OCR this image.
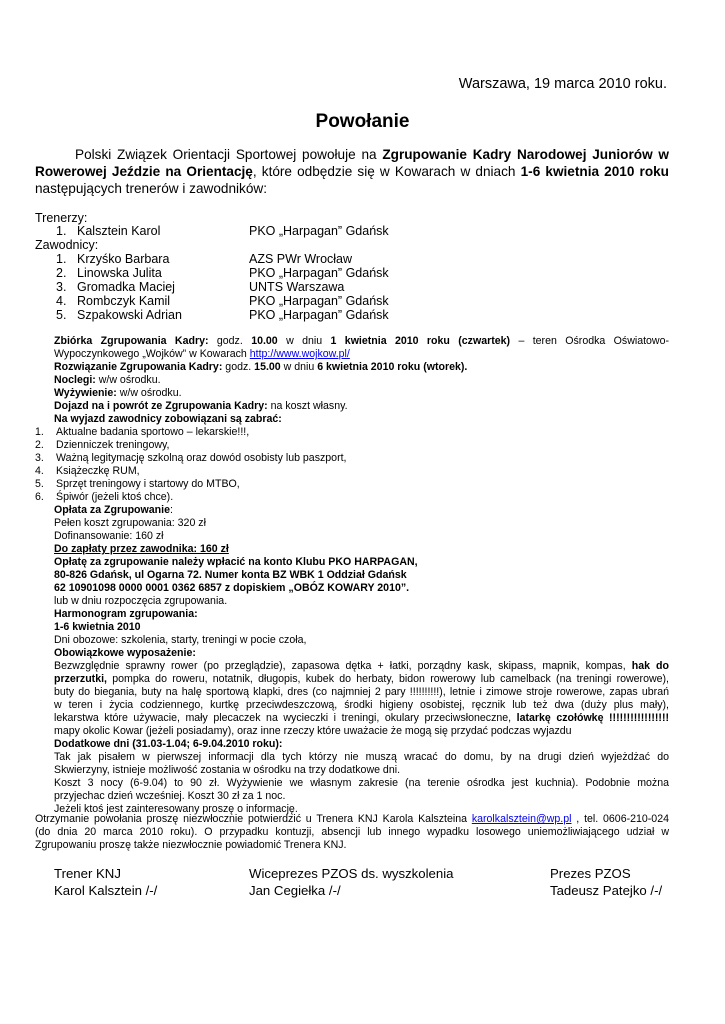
Warszawa, 19 marca 2010 roku.
Powołanie
Polski Związek Orientacji Sportowej powołuje na Zgrupowanie Kadry Narodowej Juniorów w
Rowerowej Jeździe na Orientację, które odbędzie się w Kowarach w dniach 1-6 kwietnia 2010 roku
następujących trenerów i zawodników:
Trenerzy:
1. Kalsztein Karol	PKO „Harpagan” Gdańsk
Zawodnicy:
1. Krzyśko Barbara	AZS PWr Wrocław
2. Linowska Julita	PKO „Harpagan” Gdańsk
3. Gromadka Maciej	UNTS Warszawa
4. Rombczyk Kamil	PKO „Harpagan” Gdańsk
5. Szpakowski Adrian	PKO „Harpagan” Gdańsk
Zbiórka Zgrupowania Kadry: godz. 10.00 w dniu 1 kwietnia 2010 roku (czwartek) – teren Ośrodka Oświatowo-
Wypoczynkowego „Wojków” w Kowarach http://www.wojkow.pl/
Rozwiązanie Zgrupowania Kadry: godz. 15.00 w dniu 6 kwietnia 2010 roku (wtorek).
Noclegi: w/w ośrodku.
Wyżywienie: w/w ośrodku.
Dojazd na i powrót ze Zgrupowania Kadry: na koszt własny.
Na wyjazd zawodnicy zobowiązani są zabrać:
1. Aktualne badania sportowo – lekarskie!!!,
2. Dzienniczek treningowy,
3. Ważną legitymację szkolną oraz dowód osobisty lub paszport,
4. Książeczkę RUM,
5. Sprzęt treningowy i startowy do MTBO,
6. Śpiwór (jeżeli ktoś chce).
Opłata za Zgrupowanie:
Pełen koszt zgrupowania: 320 zł
Dofinansowanie: 160 zł
Do zapłaty przez zawodnika: 160 zł
Opłatę za zgrupowanie należy wpłacić na konto Klubu PKO HARPAGAN,
80-826 Gdańsk, ul Ogarna 72. Numer konta BZ WBK 1 Oddział Gdańsk
62 10901098 0000 0001 0362 6857 z dopiskiem „OBÓZ KOWARY 2010”.
lub w dniu rozpoczęcia zgrupowania.
Harmonogram zgrupowania:
1-6 kwietnia 2010
Dni obozowe: szkolenia, starty, treningi w pocie czoła,
Obowiązkowe wyposażenie:
Bezwzględnie sprawny rower (po przeglądzie), zapasowa dętka + łatki, porządny kask, skipass, mapnik, kompas, hak do
przerzutki, pompka do roweru, notatnik, długopis, kubek do herbaty, bidon rowerowy lub camelback (na treningi rowerowe),
buty do biegania, buty na halę sportową klapki, dres (co najmniej 2 pary !!!!!!!!!!), letnie i zimowe stroje rowerowe, zapas ubrań
w teren i życia codziennego, kurtkę przeciwdeszczową, środki higieny osobistej, ręcznik lub też dwa (duży plus mały),
lekarstwa które używacie, mały plecaczek na wycieczki i treningi, okulary przeciwsłoneczne, latarkę czołówkę !!!!!!!!!!!!!!!!!
mapy okolic Kowar (jeżeli posiadamy), oraz inne rzeczy które uważacie że mogą się przydać podczas wyjazdu
Dodatkowe dni (31.03-1.04; 6-9.04.2010 roku):
Tak jak pisałem w pierwszej informacji dla tych którzy nie muszą wracać do domu, by na drugi dzień wyjeżdżać do
Skwierzyny, istnieje możliwość zostania w ośrodku na trzy dodatkowe dni.
Koszt 3 nocy (6-9.04) to 90 zł. Wyżywienie we własnym zakresie (na terenie ośrodka jest kuchnia). Podobnie można
przyjechac dzień wcześniej. Koszt 30 zł za 1 noc.
Jeżeli ktoś jest zainteresowany proszę o informację.
Otrzymanie powołania proszę niezwłocznie potwierdzić u Trenera KNJ Karola Kalszteina karolkalsztein@wp.pl , tel. 0606-210-024
(do dnia 20 marca 2010 roku). O przypadku kontuzji, absencji lub innego wypadku losowego uniemożliwiającego udział w
Zgrupowaniu proszę także niezwłocznie powiadomić Trenera KNJ.
Trener KNJ
Karol Kalsztein /-/
Wiceprezes PZOS ds. wyszkolenia
Jan Cegiełka /-/
Prezes PZOS
Tadeusz Patejko /-/
